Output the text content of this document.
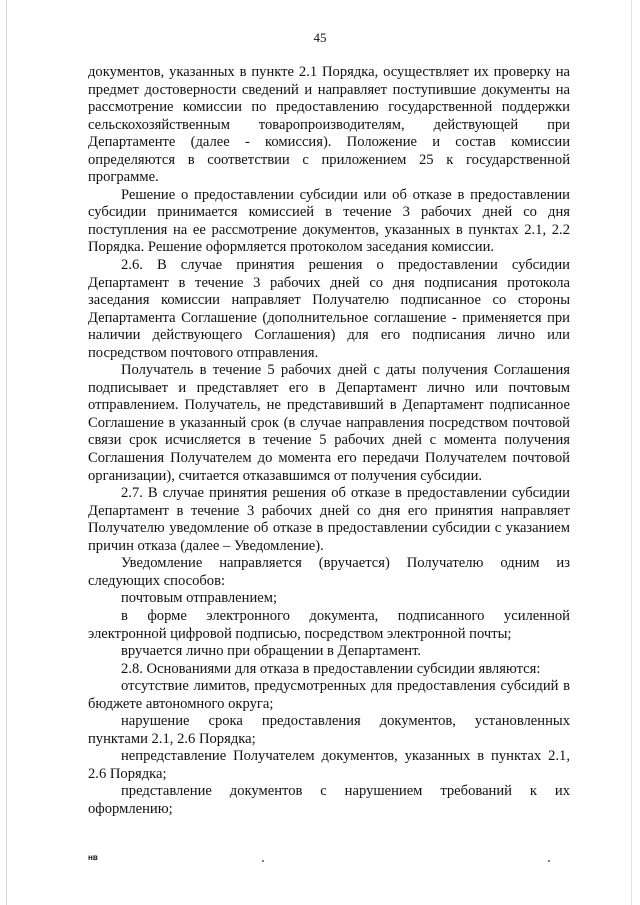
45

документов, указанных в пункте 2.1 Порядка, осуществляет их проверку на предмет достоверности сведений и направляет поступившие документы на рассмотрение комиссии по предоставлению государственной поддержки сельскохозяйственным товаропроизводителям, действующей при Департаменте (далее - комиссия). Положение и состав комиссии определяются в соответствии с приложением 25 к государственной программе.

Решение о предоставлении субсидии или об отказе в предоставлении субсидии принимается комиссией в течение 3 рабочих дней со дня поступления на ее рассмотрение документов, указанных в пунктах 2.1, 2.2 Порядка. Решение оформляется протоколом заседания комиссии.

2.6. В случае принятия решения о предоставлении субсидии Департамент в течение 3 рабочих дней со дня подписания протокола заседания комиссии направляет Получателю подписанное со стороны Департамента Соглашение (дополнительное соглашение - применяется при наличии действующего Соглашения) для его подписания лично или посредством почтового отправления.

Получатель в течение 5 рабочих дней с даты получения Соглашения подписывает и представляет его в Департамент лично или почтовым отправлением. Получатель, не представивший в Департамент подписанное Соглашение в указанный срок (в случае направления посредством почтовой связи срок исчисляется в течение 5 рабочих дней с момента получения Соглашения Получателем до момента его передачи Получателем почтовой организации), считается отказавшимся от получения субсидии.

2.7. В случае принятия решения об отказе в предоставлении субсидии Департамент в течение 3 рабочих дней со дня его принятия направляет Получателю уведомление об отказе в предоставлении субсидии с указанием причин отказа (далее – Уведомление).

Уведомление направляется (вручается) Получателю одним из следующих способов:

почтовым отправлением;

в форме электронного документа, подписанного усиленной электронной цифровой подписью, посредством электронной почты;

вручается лично при обращении в Департамент.

2.8. Основаниями для отказа в предоставлении субсидии являются:

отсутствие лимитов, предусмотренных для предоставления субсидий в бюджете автономного округа;

нарушение срока предоставления документов, установленных пунктами 2.1, 2.6 Порядка;

непредставление Получателем документов, указанных в пунктах 2.1, 2.6 Порядка;

представление документов с нарушением требований к их оформлению;

нв
